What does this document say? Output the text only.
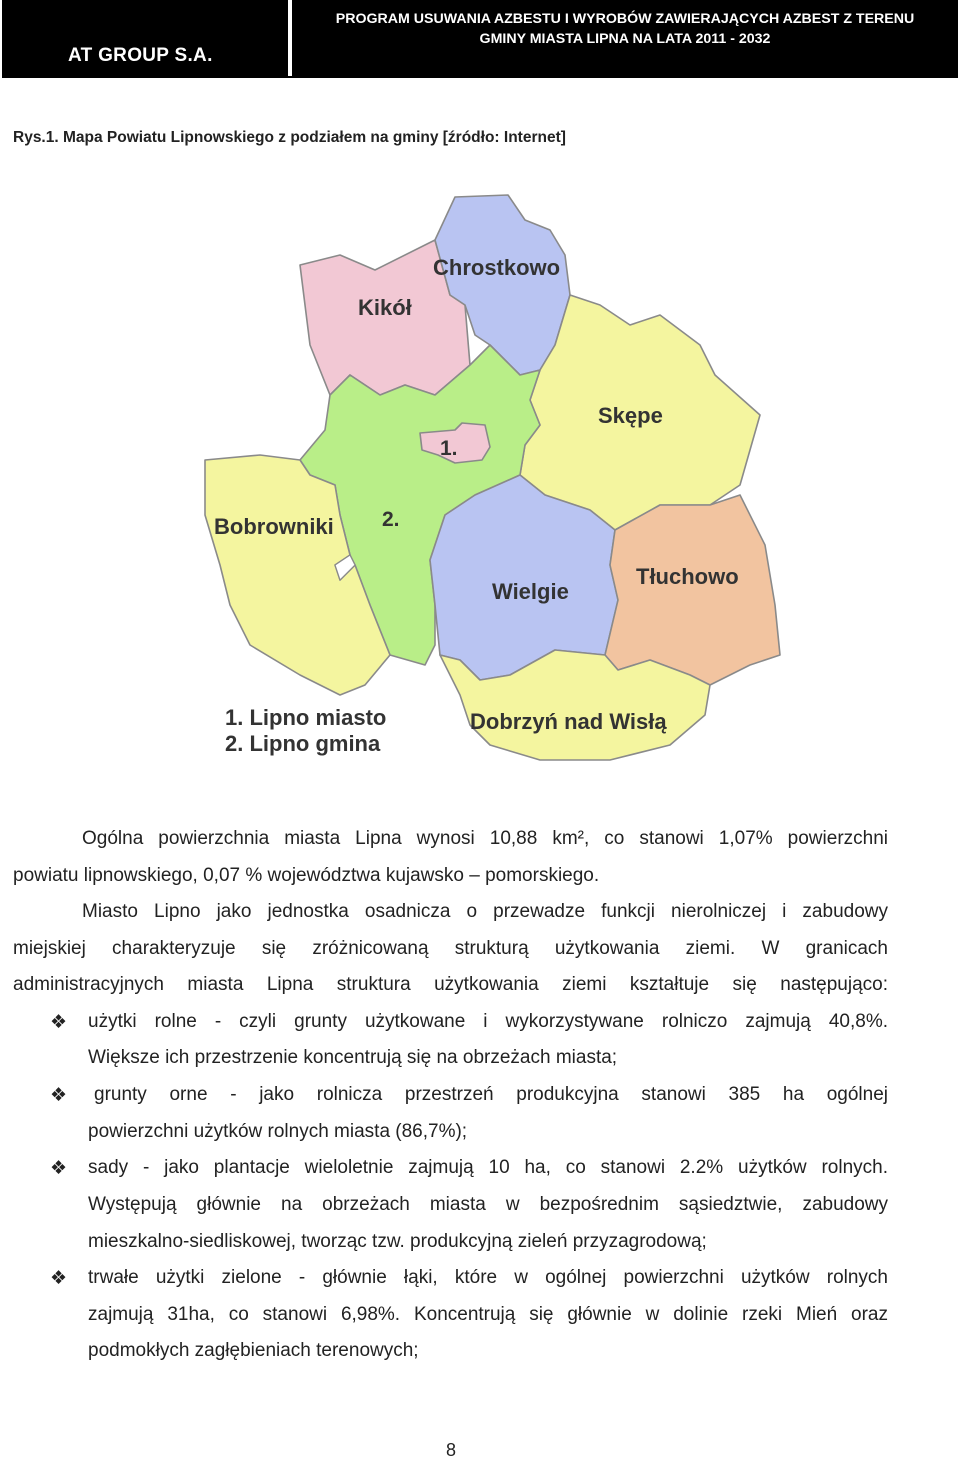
AT GROUP S.A.
PROGRAM USUWANIA AZBESTU I WYROBÓW ZAWIERAJĄCYCH AZBEST Z TERENU
GMINY MIASTA LIPNA NA LATA 2011 - 2032
Rys.1. Mapa Powiatu Lipnowskiego z podziałem na gminy [źródło: Internet]
Chrostkowo
Kikół
Skępe
1.
Bobrowniki 2.
Wielgie
Tłuchowo
Dobrzyń nad Wisłą
1. Lipno miasto
2. Lipno gmina
Ogólna powierzchnia miasta Lipna wynosi 10,88 km², co stanowi 1,07% powierzchni
powiatu lipnowskiego, 0,07 % województwa kujawsko – pomorskiego.
Miasto Lipno jako jednostka osadnicza o przewadze funkcji nierolniczej i zabudowy
miejskiej charakteryzuje się zróżnicowaną strukturą użytkowania ziemi. W granicach
administracyjnych miasta Lipna struktura użytkowania ziemi kształtuje się następująco:
❖ użytki rolne - czyli grunty użytkowane i wykorzystywane rolniczo zajmują 40,8%.
Większe ich przestrzenie koncentrują się na obrzeżach miasta;
❖ grunty orne - jako rolnicza przestrzeń produkcyjna stanowi 385 ha ogólnej
powierzchni użytków rolnych miasta (86,7%);
❖ sady - jako plantacje wieloletnie zajmują 10 ha, co stanowi 2.2% użytków rolnych.
Występują głównie na obrzeżach miasta w bezpośrednim sąsiedztwie, zabudowy
mieszkalno-siedliskowej, tworząc tzw. produkcyjną zieleń przyzagrodową;
❖ trwałe użytki zielone - głównie łąki, które w ogólnej powierzchni użytków rolnych
zajmują 31ha, co stanowi 6,98%. Koncentrują się głównie w dolinie rzeki Mień oraz
podmokłych zagłębieniach terenowych;
8
